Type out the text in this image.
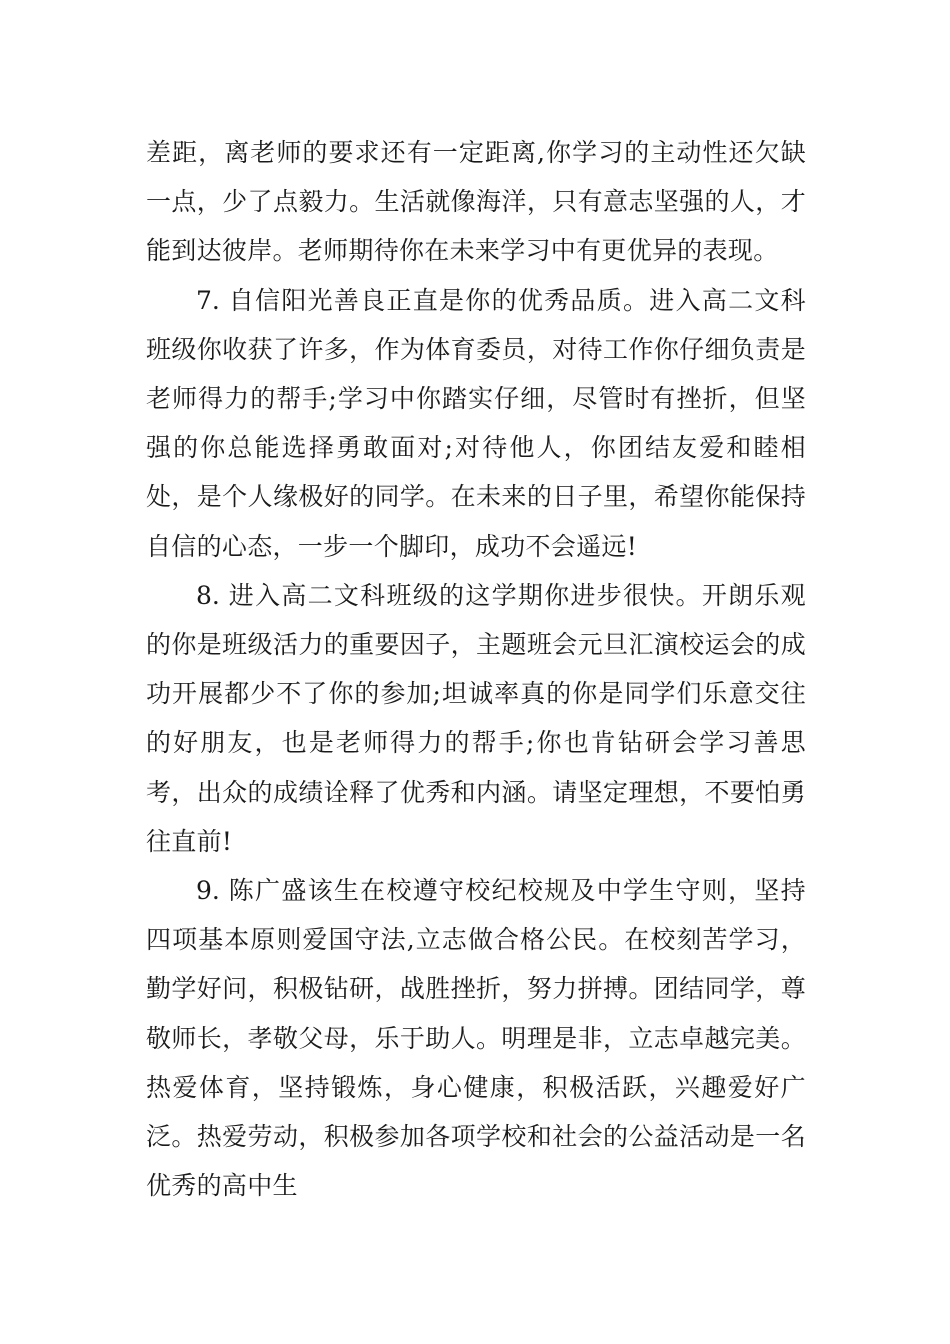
差距，离老师的要求还有一定距离,你学习的主动性还欠缺一点，少了点毅力。生活就像海洋，只有意志坚强的人，才能到达彼岸。老师期待你在未来学习中有更优异的表现。

7. 自信阳光善良正直是你的优秀品质。进入高二文科班级你收获了许多，作为体育委员，对待工作你仔细负责是老师得力的帮手;学习中你踏实仔细，尽管时有挫折，但坚强的你总能选择勇敢面对;对待他人，你团结友爱和睦相处，是个人缘极好的同学。在未来的日子里，希望你能保持自信的心态，一步一个脚印，成功不会遥远!

8. 进入高二文科班级的这学期你进步很快。开朗乐观的你是班级活力的重要因子，主题班会元旦汇演校运会的成功开展都少不了你的参加;坦诚率真的你是同学们乐意交往的好朋友，也是老师得力的帮手;你也肯钻研会学习善思考，出众的成绩诠释了优秀和内涵。请坚定理想，不要怕勇往直前!

9. 陈广盛该生在校遵守校纪校规及中学生守则，坚持四项基本原则爱国守法,立志做合格公民。在校刻苦学习，勤学好问，积极钻研，战胜挫折，努力拼搏。团结同学，尊敬师长，孝敬父母，乐于助人。明理是非，立志卓越完美。热爱体育，坚持锻炼，身心健康，积极活跃，兴趣爱好广泛。热爱劳动，积极参加各项学校和社会的公益活动是一名优秀的高中生
